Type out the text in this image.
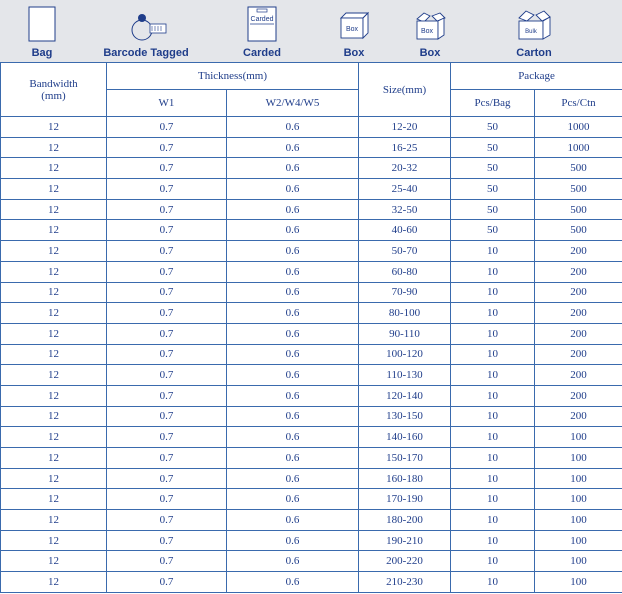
Bag	Barcode Tagged
Carded
Carded
Box
Box
Box
Box
Bulk
Carton
Bandwidth
(mm)	Thickness(mm)		Size(mm)	Package	
	W1	W2/W4/W5		Pcs/Bag	Pcs/Ctn
12	0.7	0.6	12-20	50	1000
12	0.7	0.6	16-25	50	1000
12	0.7	0.6	20-32	50	500
12	0.7	0.6	25-40	50	500
12	0.7	0.6	32-50	50	500
12	0.7	0.6	40-60	50	500
12	0.7	0.6	50-70	10	200
12	0.7	0.6	60-80	10	200
12	0.7	0.6	70-90	10	200
12	0.7	0.6	80-100	10	200
12	0.7	0.6	90-110	10	200
12	0.7	0.6	100-120	10	200
12	0.7	0.6	110-130	10	200
12	0.7	0.6	120-140	10	200
12	0.7	0.6	130-150	10	200
12	0.7	0.6	140-160	10	100
12	0.7	0.6	150-170	10	100
12	0.7	0.6	160-180	10	100
12	0.7	0.6	170-190	10	100
12	0.7	0.6	180-200	10	100
12	0.7	0.6	190-210	10	100
12	0.7	0.6	200-220	10	100
12	0.7	0.6	210-230	10	100
